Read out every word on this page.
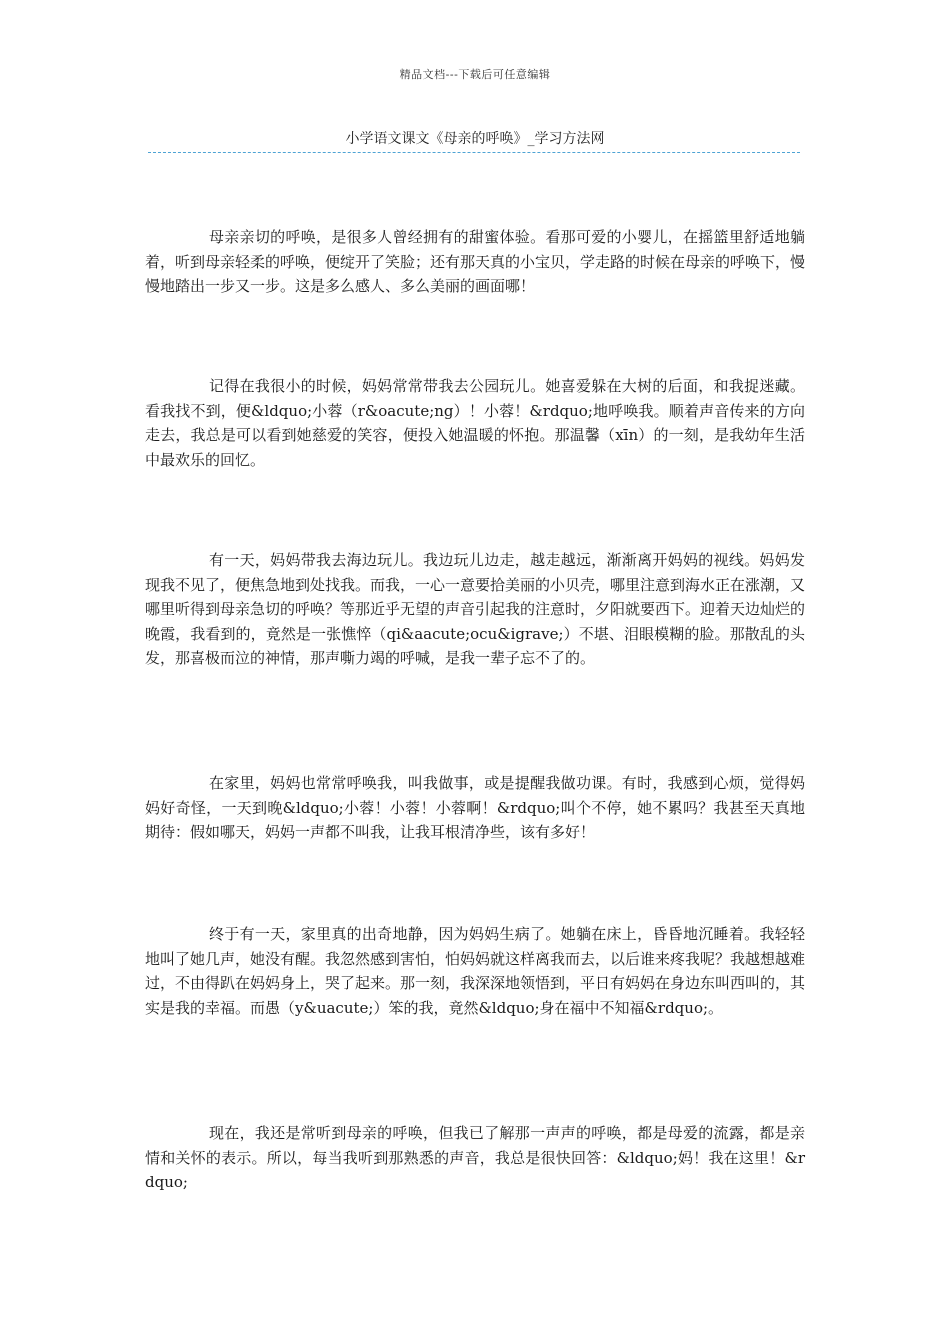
精品文档---下载后可任意编辑
小学语文课文《母亲的呼唤》_学习方法网

母亲亲切的呼唤，是很多人曾经拥有的甜蜜体验。看那可爱的小婴儿，在摇篮里舒适地躺着，听到母亲轻柔的呼唤，便绽开了笑脸；还有那天真的小宝贝，学走路的时候在母亲的呼唤下，慢慢地踏出一步又一步。这是多么感人、多么美丽的画面哪！

记得在我很小的时候，妈妈常常带我去公园玩儿。她喜爱躲在大树的后面，和我捉迷藏。看我找不到，便&ldquo;小蓉（r&oacute;ng）！小蓉！&rdquo;地呼唤我。顺着声音传来的方向走去，我总是可以看到她慈爱的笑容，便投入她温暖的怀抱。那温馨（xīn）的一刻，是我幼年生活中最欢乐的回忆。

有一天，妈妈带我去海边玩儿。我边玩儿边走，越走越远，渐渐离开妈妈的视线。妈妈发现我不见了，便焦急地到处找我。而我，一心一意要拾美丽的小贝壳，哪里注意到海水正在涨潮，又哪里听得到母亲急切的呼唤？等那近乎无望的声音引起我的注意时，夕阳就要西下。迎着天边灿烂的晚霞，我看到的，竟然是一张憔悴（qi&aacute;ocu&igrave;）不堪、泪眼模糊的脸。那散乱的头发，那喜极而泣的神情，那声嘶力竭的呼喊，是我一辈子忘不了的。

在家里，妈妈也常常呼唤我，叫我做事，或是提醒我做功课。有时，我感到心烦，觉得妈妈好奇怪，一天到晚&ldquo;小蓉！小蓉！小蓉啊！&rdquo;叫个不停，她不累吗？我甚至天真地期待：假如哪天，妈妈一声都不叫我，让我耳根清净些，该有多好！

终于有一天，家里真的出奇地静，因为妈妈生病了。她躺在床上，昏昏地沉睡着。我轻轻地叫了她几声，她没有醒。我忽然感到害怕，怕妈妈就这样离我而去，以后谁来疼我呢？我越想越难过，不由得趴在妈妈身上，哭了起来。那一刻，我深深地领悟到，平日有妈妈在身边东叫西叫的，其实是我的幸福。而愚（y&uacute;）笨的我，竟然&ldquo;身在福中不知福&rdquo;。

现在，我还是常听到母亲的呼唤，但我已了解那一声声的呼唤，都是母爱的流露，都是亲情和关怀的表示。所以，每当我听到那熟悉的声音，我总是很快回答：&ldquo;妈！我在这里！&rdquo;
